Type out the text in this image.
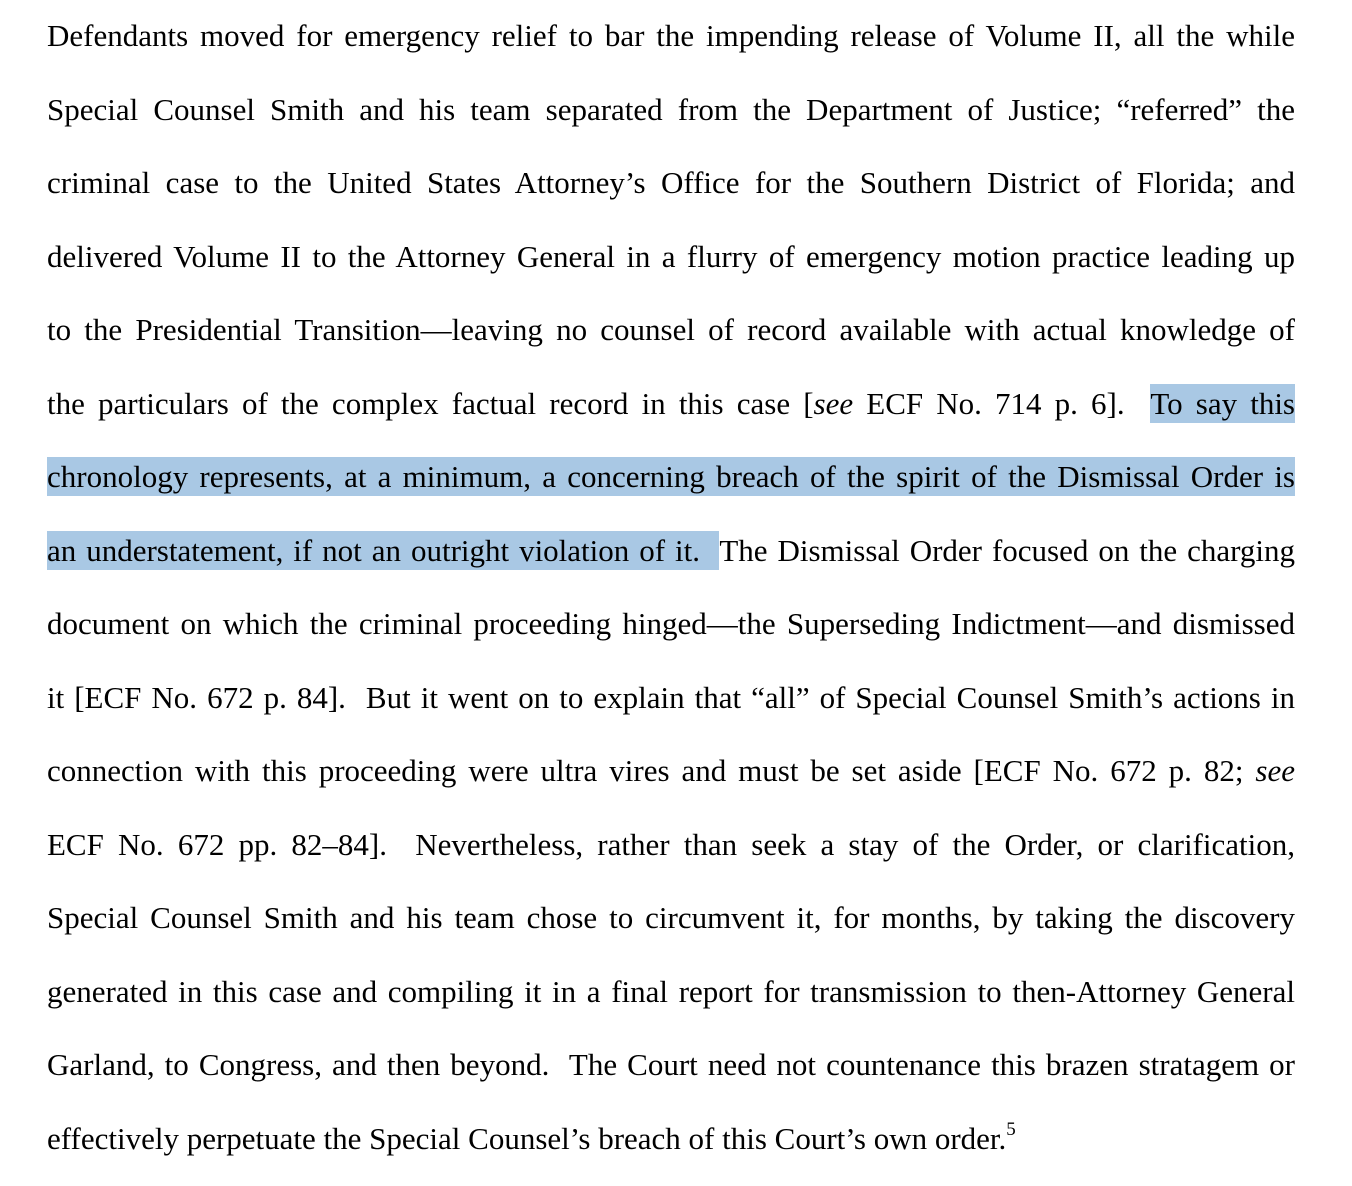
Defendants moved for emergency relief to bar the impending release of Volume II, all the while
Special Counsel Smith and his team separated from the Department of Justice; “referred” the
criminal case to the United States Attorney’s Office for the Southern District of Florida; and
delivered Volume II to the Attorney General in a flurry of emergency motion practice leading up
to the Presidential Transition—leaving no counsel of record available with actual knowledge of
the particulars of the complex factual record in this case [see ECF No. 714 p. 6].  To say this
chronology represents, at a minimum, a concerning breach of the spirit of the Dismissal Order is
an understatement, if not an outright violation of it.  The Dismissal Order focused on the charging
document on which the criminal proceeding hinged—the Superseding Indictment—and dismissed
it [ECF No. 672 p. 84].  But it went on to explain that “all” of Special Counsel Smith’s actions in
connection with this proceeding were ultra vires and must be set aside [ECF No. 672 p. 82; see
ECF No. 672 pp. 82–84].  Nevertheless, rather than seek a stay of the Order, or clarification,
Special Counsel Smith and his team chose to circumvent it, for months, by taking the discovery
generated in this case and compiling it in a final report for transmission to then-Attorney General
Garland, to Congress, and then beyond.  The Court need not countenance this brazen stratagem or
effectively perpetuate the Special Counsel’s breach of this Court’s own order.$^5$
